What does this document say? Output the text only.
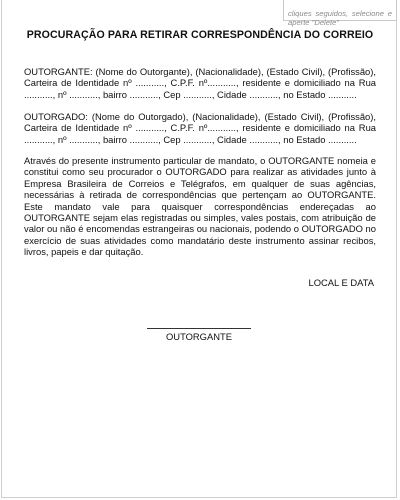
cliques seguidos, selecione e aperte "Delete"

PROCURAÇÃO PARA RETIRAR CORRESPONDÊNCIA DO CORREIO
OUTORGANTE: (Nome do Outorgante), (Nacionalidade), (Estado Civil), (Profissão), Carteira de Identidade nº ..........., C.P.F. nº..........., residente e domiciliado na Rua ..........., nº ..........., bairro ..........., Cep ..........., Cidade ..........., no Estado ...........
OUTORGADO: (Nome do Outorgado), (Nacionalidade), (Estado Civil), (Profissão), Carteira de Identidade nº ..........., C.P.F. nº..........., residente e domiciliado na Rua ..........., nº ..........., bairro ..........., Cep ..........., Cidade ..........., no Estado ...........
Através do presente instrumento particular de mandato, o OUTORGANTE nomeia e constitui como seu procurador o OUTORGADO para realizar as atividades junto à Empresa Brasileira de Correios e Telégrafos, em qualquer de suas agências, necessárias à retirada de correspondências que pertençam ao OUTORGANTE. Este mandato vale para quaisquer correspondências endereçadas ao OUTORGANTE sejam elas registradas ou simples, vales postais, com atribuição de valor ou não é encomendas estrangeiras ou nacionais, podendo o OUTORGADO no exercício de suas atividades como mandatário deste instrumento assinar recibos, livros, papeis e dar quitação.
LOCAL E DATA
OUTORGANTE
